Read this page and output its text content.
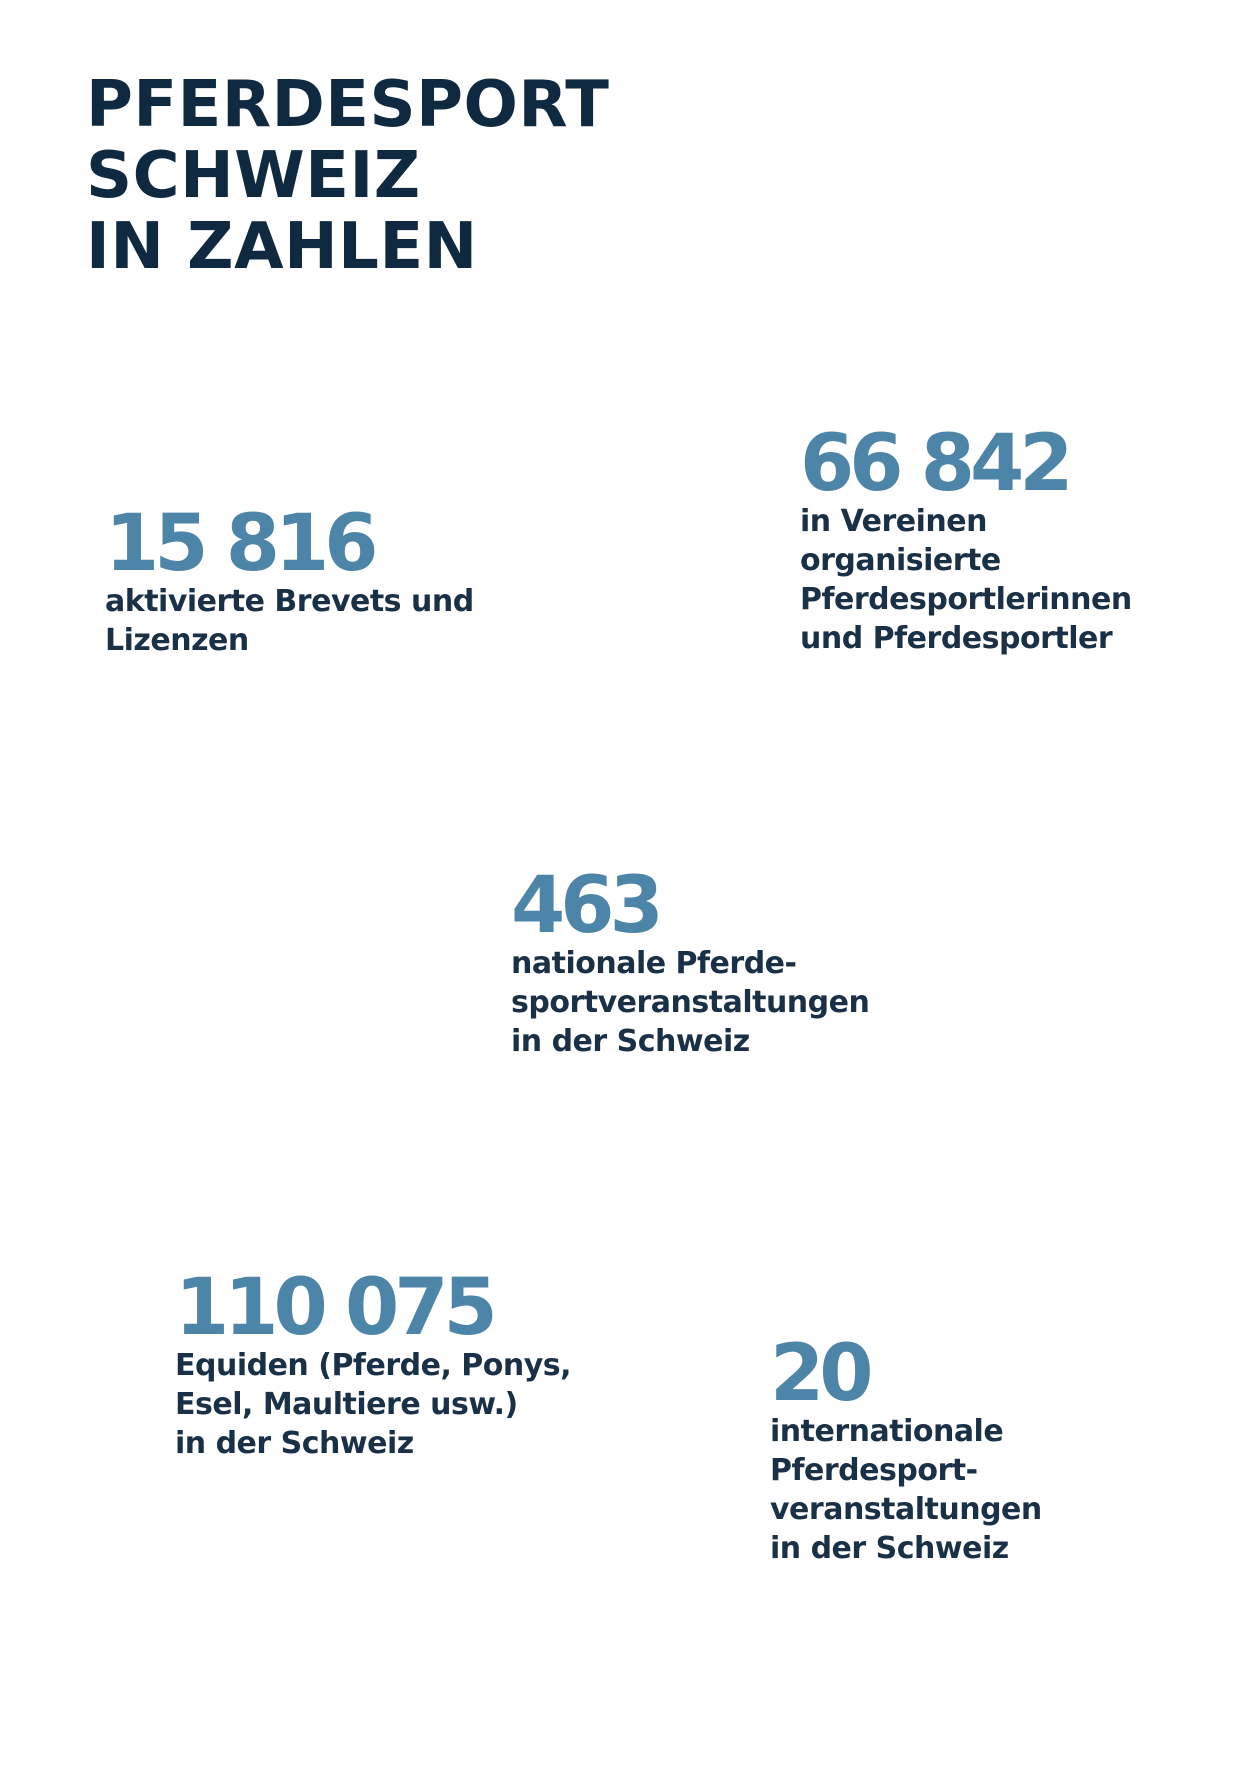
PFERDESPORT
SCHWEIZ
IN ZAHLEN
15 816
aktivierte Brevets und
Lizenzen
66 842
in Vereinen
organisierte
Pferdesportlerinnen
und Pferdesportler
463
nationale Pferde-
sportveranstaltungen
in der Schweiz
110 075
Equiden (Pferde, Ponys,
Esel, Maultiere usw.)
in der Schweiz
20
internationale
Pferdesport-
veranstaltungen
in der Schweiz
